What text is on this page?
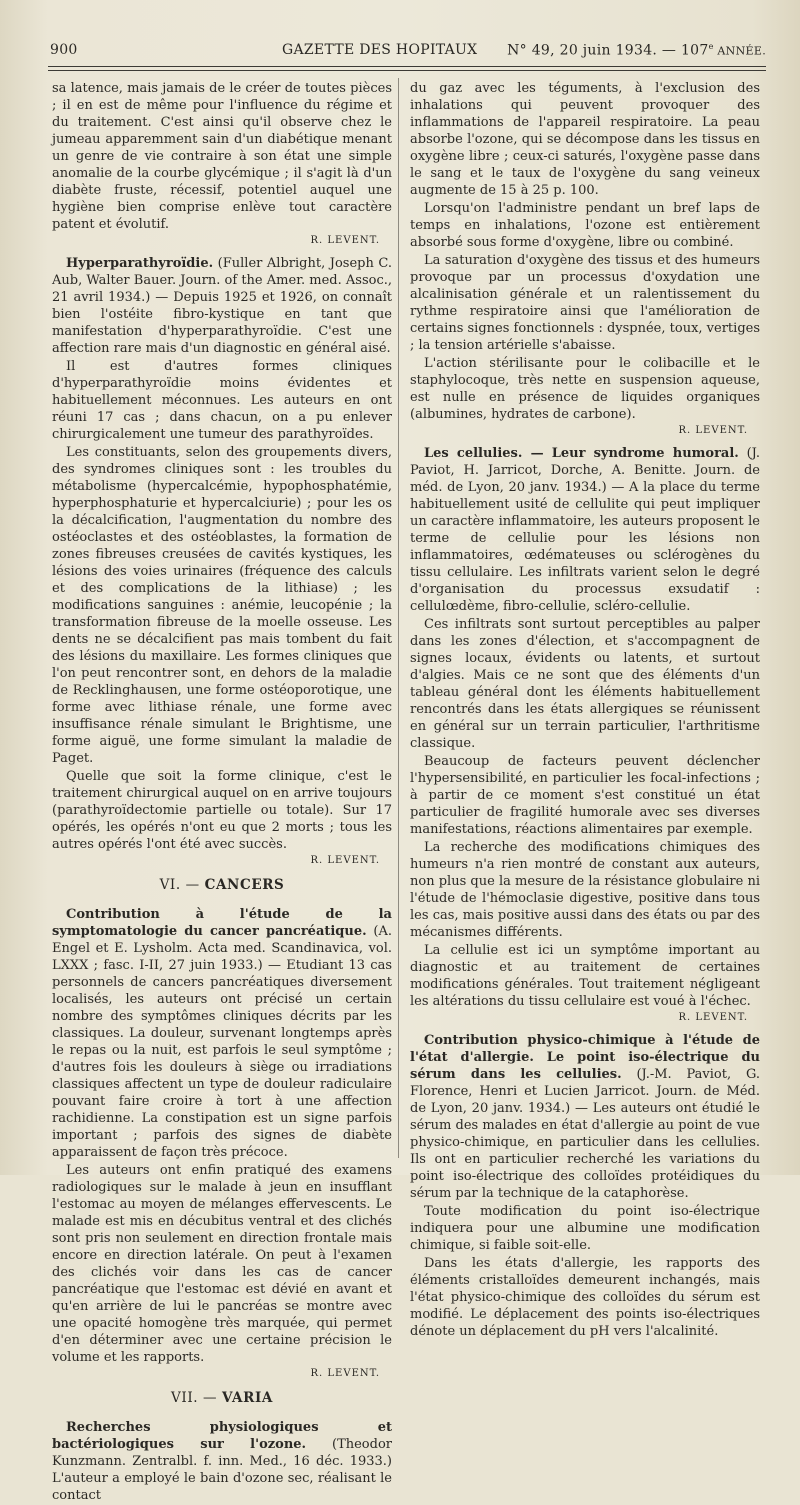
900	GAZETTE DES HOPITAUX N° 49, 20 juin 1934. — 107e ANNÉE.

sa latence, mais jamais de le créer de toutes pièces ; il en est de même pour l'influence du régime et du traitement. C'est ainsi qu'il observe chez le jumeau apparemment sain d'un diabétique menant un genre de vie contraire à son état une simple anomalie de la courbe glycémique ; il s'agit là d'un diabète fruste, récessif, potentiel auquel une hygiène bien comprise enlève tout caractère patent et évolutif.

R. LEVENT.

Hyperparathyroïdie. (Fuller Albright, Joseph C. Aub, Walter Bauer. Journ. of the Amer. med. Assoc., 21 avril 1934.) — Depuis 1925 et 1926, on connaît bien l'ostéite fibro-kystique en tant que manifestation d'hyperparathyroïdie. C'est une affection rare mais d'un diagnostic en général aisé.

Il est d'autres formes cliniques d'hyperparathyroïdie moins évidentes et habituellement méconnues. Les auteurs en ont réuni 17 cas ; dans chacun, on a pu enlever chirurgicalement une tumeur des parathyroïdes.

Les constituants, selon des groupements divers, des syndromes cliniques sont : les troubles du métabolisme (hypercalcémie, hypophosphatémie, hyperphosphaturie et hypercalciurie) ; pour les os la décalcification, l'augmentation du nombre des ostéoclastes et des ostéoblastes, la formation de zones fibreuses creusées de cavités kystiques, les lésions des voies urinaires (fréquence des calculs et des complications de la lithiase) ; les modifications sanguines : anémie, leucopénie ; la transformation fibreuse de la moelle osseuse. Les dents ne se décalcifient pas mais tombent du fait des lésions du maxillaire. Les formes cliniques que l'on peut rencontrer sont, en dehors de la maladie de Recklinghausen, une forme ostéoporotique, une forme avec lithiase rénale, une forme avec insuffisance rénale simulant le Brightisme, une forme aiguë, une forme simulant la maladie de Paget.

Quelle que soit la forme clinique, c'est le traitement chirurgical auquel on en arrive toujours (parathyroïdectomie partielle ou totale). Sur 17 opérés, les opérés n'ont eu que 2 morts ; tous les autres opérés l'ont été avec succès.

R. LEVENT.
VI. — CANCERS

Contribution à l'étude de la symptomatologie du cancer pancréatique. (A. Engel et E. Lysholm. Acta med. Scandinavica, vol. LXXX ; fasc. I-II, 27 juin 1933.) — Etudiant 13 cas personnels de cancers pancréatiques diversement localisés, les auteurs ont précisé un certain nombre des symptômes cliniques décrits par les classiques. La douleur, survenant longtemps après le repas ou la nuit, est parfois le seul symptôme ; d'autres fois les douleurs à siège ou irradiations classiques affectent un type de douleur radiculaire pouvant faire croire à tort à une affection rachidienne. La constipation est un signe parfois important ; parfois des signes de diabète apparaissent de façon très précoce.

Les auteurs ont enfin pratiqué des examens radiologiques sur le malade à jeun en insufflant l'estomac au moyen de mélanges effervescents. Le malade est mis en décubitus ventral et des clichés sont pris non seulement en direction frontale mais encore en direction latérale. On peut à l'examen des clichés voir dans les cas de cancer pancréatique que l'estomac est dévié en avant et qu'en arrière de lui le pancréas se montre avec une opacité homogène très marquée, qui permet d'en déterminer avec une certaine précision le volume et les rapports.

R. LEVENT.
VII. — VARIA

Recherches physiologiques et bactériologiques sur l'ozone. (Theodor Kunzmann. Zentralbl. f. inn. Med., 16 déc. 1933.) L'auteur a employé le bain d'ozone sec, réalisant le contact

du gaz avec les téguments, à l'exclusion des inhalations qui peuvent provoquer des inflammations de l'appareil respiratoire. La peau absorbe l'ozone, qui se décompose dans les tissus en oxygène libre ; ceux-ci saturés, l'oxygène passe dans le sang et le taux de l'oxygène du sang veineux augmente de 15 à 25 p. 100.

Lorsqu'on l'administre pendant un bref laps de temps en inhalations, l'ozone est entièrement absorbé sous forme d'oxygène, libre ou combiné.

La saturation d'oxygène des tissus et des humeurs provoque par un processus d'oxydation une alcalinisation générale et un ralentissement du rythme respiratoire ainsi que l'amélioration de certains signes fonctionnels : dyspnée, toux, vertiges ; la tension artérielle s'abaisse.

L'action stérilisante pour le colibacille et le staphylocoque, très nette en suspension aqueuse, est nulle en présence de liquides organiques (albumines, hydrates de carbone).

R. LEVENT.

Les cellulies. — Leur syndrome humoral. (J. Paviot, H. Jarricot, Dorche, A. Benitte. Journ. de méd. de Lyon, 20 janv. 1934.) — A la place du terme habituellement usité de cellulite qui peut impliquer un caractère inflammatoire, les auteurs proposent le terme de cellulie pour les lésions non inflammatoires, œdémateuses ou sclérogènes du tissu cellulaire. Les infiltrats varient selon le degré d'organisation du processus exsudatif : cellulœdème, fibro-cellulie, scléro-cellulie.

Ces infiltrats sont surtout perceptibles au palper dans les zones d'élection, et s'accompagnent de signes locaux, évidents ou latents, et surtout d'algies. Mais ce ne sont que des éléments d'un tableau général dont les éléments habituellement rencontrés dans les états allergiques se réunissent en général sur un terrain particulier, l'arthritisme classique.

Beaucoup de facteurs peuvent déclencher l'hypersensibilité, en particulier les focal-infections ; à partir de ce moment s'est constitué un état particulier de fragilité humorale avec ses diverses manifestations, réactions alimentaires par exemple.

La recherche des modifications chimiques des humeurs n'a rien montré de constant aux auteurs, non plus que la mesure de la résistance globulaire ni l'étude de l'hémoclasie digestive, positive dans tous les cas, mais positive aussi dans des états ou par des mécanismes différents.

La cellulie est ici un symptôme important au diagnostic et au traitement de certaines modifications générales. Tout traitement négligeant les altérations du tissu cellulaire est voué à l'échec.

R. LEVENT.

Contribution physico-chimique à l'étude de l'état d'allergie. Le point iso-électrique du sérum dans les cellulies. (J.-M. Paviot, G. Florence, Henri et Lucien Jarricot. Journ. de Méd. de Lyon, 20 janv. 1934.) — Les auteurs ont étudié le sérum des malades en état d'allergie au point de vue physico-chimique, en particulier dans les cellulies. Ils ont en particulier recherché les variations du point iso-électrique des colloïdes protéidiques du sérum par la technique de la cataphorèse.

Toute modification du point iso-électrique indiquera pour une albumine une modification chimique, si faible soit-elle.

Dans les états d'allergie, les rapports des éléments cristalloïdes demeurent inchangés, mais l'état physico-chimique des colloïdes du sérum est modifié. Le déplacement des points iso-électriques dénote un déplacement du pH vers l'alcalinité.
